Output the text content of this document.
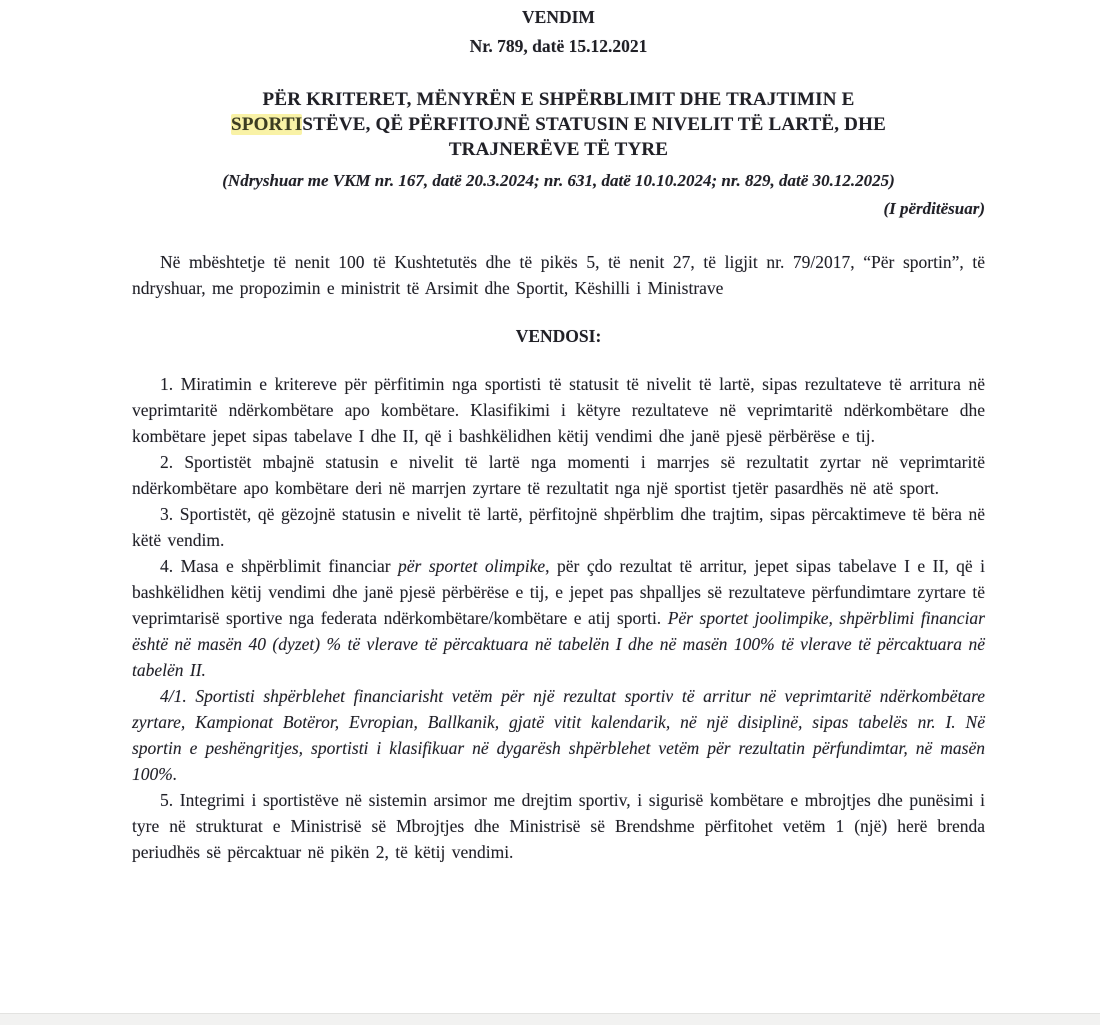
VENDIM
Nr. 789, datë 15.12.2021
PËR KRITERET, MËNYRËN E SHPËRBLIMIT DHE TRAJTIMIN E
SPORTISTËVE, QË PËRFITOJNË STATUSIN E NIVELIT TË LARTË, DHE
TRAJNERËVE TË TYRE
(Ndryshuar me VKM nr. 167, datë 20.3.2024; nr. 631, datë 10.10.2024; nr. 829, datë 30.12.2025)
(I përditësuar)

Në mbështetje të nenit 100 të Kushtetutës dhe të pikës 5, të nenit 27, të ligjit nr. 79/2017, “Për sportin”, të ndryshuar, me propozimin e ministrit të Arsimit dhe Sportit, Këshilli i Ministrave

VENDOSI:

1. Miratimin e kritereve për përfitimin nga sportisti të statusit të nivelit të lartë, sipas rezultateve të arritura në veprimtaritë ndërkombëtare apo kombëtare. Klasifikimi i këtyre rezultateve në veprimtaritë ndërkombëtare dhe kombëtare jepet sipas tabelave I dhe II, që i bashkëlidhen këtij vendimi dhe janë pjesë përbërëse e tij.

2. Sportistët mbajnë statusin e nivelit të lartë nga momenti i marrjes së rezultatit zyrtar në veprimtaritë ndërkombëtare apo kombëtare deri në marrjen zyrtare të rezultatit nga një sportist tjetër pasardhës në atë sport.

3. Sportistët, që gëzojnë statusin e nivelit të lartë, përfitojnë shpërblim dhe trajtim, sipas përcaktimeve të bëra në këtë vendim.

4. Masa e shpërblimit financiar për sportet olimpike, për çdo rezultat të arritur, jepet sipas tabelave I e II, që i bashkëlidhen këtij vendimi dhe janë pjesë përbërëse e tij, e jepet pas shpalljes së rezultateve përfundimtare zyrtare të veprimtarisë sportive nga federata ndërkombëtare/kombëtare e atij sporti. Për sportet joolimpike, shpërblimi financiar është në masën 40 (dyzet) % të vlerave të përcaktuara në tabelën I dhe në masën 100% të vlerave të përcaktuara në tabelën II.

4/1. Sportisti shpërblehet financiarisht vetëm për një rezultat sportiv të arritur në veprimtaritë ndërkombëtare zyrtare, Kampionat Botëror, Evropian, Ballkanik, gjatë vitit kalendarik, në një disiplinë, sipas tabelës nr. I. Në sportin e peshëngritjes, sportisti i klasifikuar në dygarësh shpërblehet vetëm për rezultatin përfundimtar, në masën 100%.

5. Integrimi i sportistëve në sistemin arsimor me drejtim sportiv, i sigurisë kombëtare e mbrojtjes dhe punësimi i tyre në strukturat e Ministrisë së Mbrojtjes dhe Ministrisë së Brendshme përfitohet vetëm 1 (një) herë brenda periudhës së përcaktuar në pikën 2, të këtij vendimi.
